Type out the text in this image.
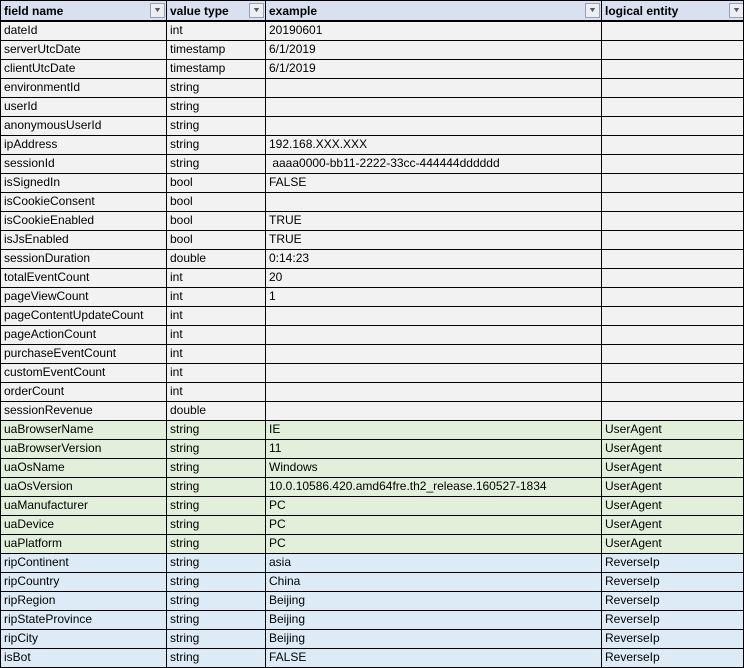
field name	▼ value type	▼ example	▼ logical entity	▼
dateId	int	20190601
serverUtcDate	timestamp	6/1/2019
clientUtcDate	timestamp	6/1/2019
environmentId	string
userId	string
anonymousUserId	string
ipAddress	string	192.168.XXX.XXX
sessionId	string	aaaa0000-bb11-2222-33cc-444444dddddd
isSignedIn	bool	FALSE
isCookieConsent	bool
isCookieEnabled	bool	TRUE
isJsEnabled	bool	TRUE
sessionDuration	double	0:14:23
totalEventCount	int	20
pageViewCount	int	1
pageContentUpdateCount	int
pageActionCount	int
purchaseEventCount	int
customEventCount	int
orderCount	int
sessionRevenue	double
uaBrowserName	string	IE	UserAgent
uaBrowserVersion	string	11	UserAgent
uaOsName	string	Windows	UserAgent
uaOsVersion	string	10.0.10586.420.amd64fre.th2_release.160527-1834	UserAgent
uaManufacturer	string	PC	UserAgent
uaDevice	string	PC	UserAgent
uaPlatform	string	PC	UserAgent
ripContinent	string	asia	ReverseIp
ripCountry	string	China	ReverseIp
ripRegion	string	Beijing	ReverseIp
ripStateProvince	string	Beijing	ReverseIp
ripCity	string	Beijing	ReverseIp
isBot	string	FALSE	ReverseIp
